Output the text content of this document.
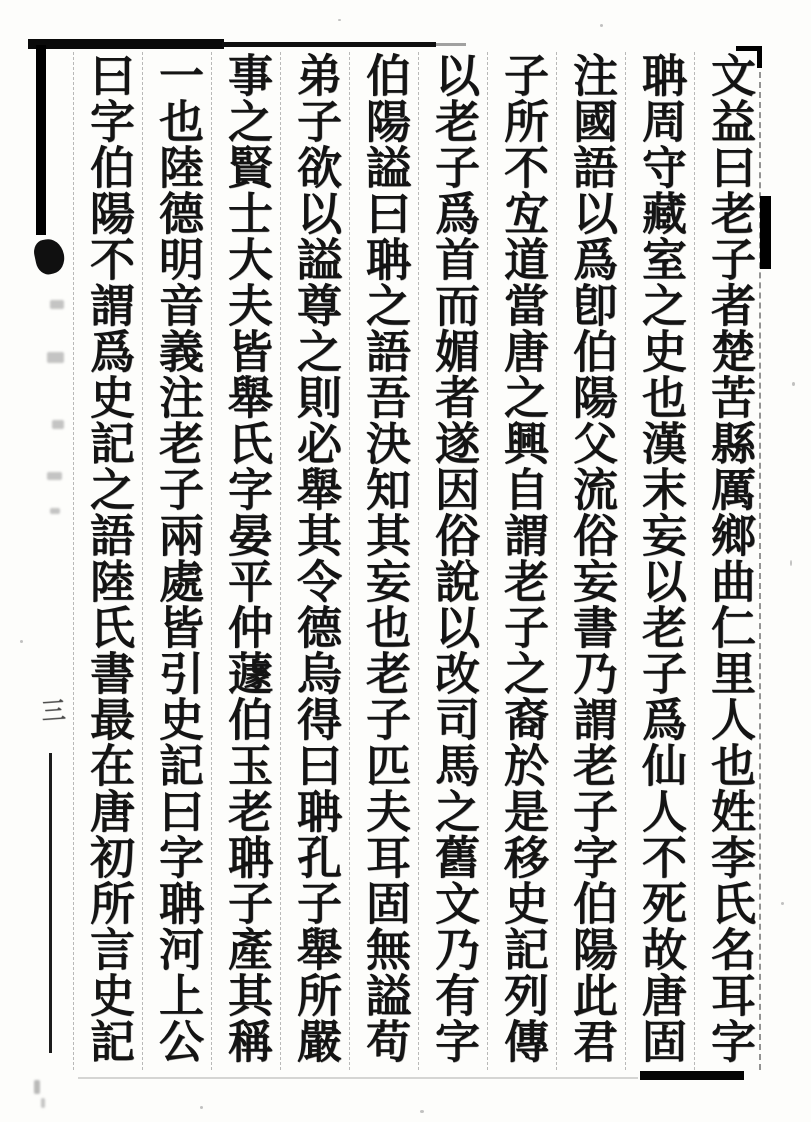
三	文益曰老子者楚苦縣厲鄉曲仁里人也姓李氏名耳字
聃周守藏室之史也漢末妄以老子爲仙人不死故唐固
注國語以爲卽伯陽父流俗妄書乃謂老子字伯陽此君
子所不宐道當唐之興自謂老子之裔於是移史記列傳
以老子爲首而媚者遂因俗說以改司馬之舊文乃有字
伯陽謚曰聃之語吾決知其妄也老子匹夫耳固無謚苟
弟子欲以謚尊之則必舉其令德烏得曰聃孔子舉所嚴
事之賢士大夫皆舉氏字晏平仲蘧伯玉老聃子產其稱
一也陸德明音義注老子兩處皆引史記曰字聃河上公
曰字伯陽不謂爲史記之語陸氏書最在唐初所言史記
